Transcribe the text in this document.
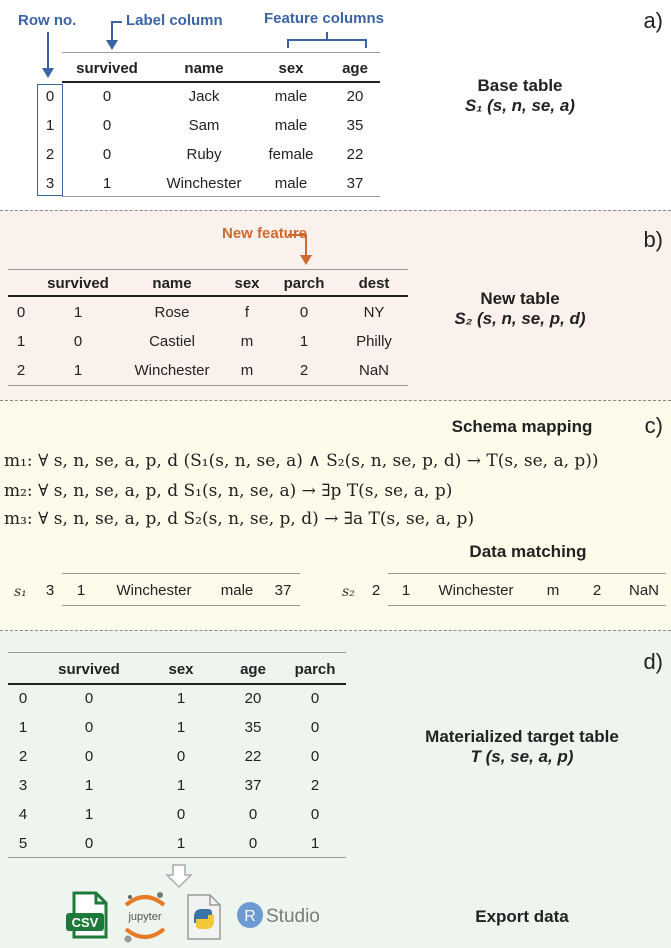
a)
Row no.	Label column	Feature columns
survived	name	sex	age
0	0	Jack	male	20
1	0	Sam	male	35
2	0	Ruby	female	22
3	1	Winchester	male	37
Base table
S₁ (s, n, se, a)
b)
New feature
survived	name	sex	parch	dest
0	1	Rose	f	0	NY
1	0	Castiel	m	1	Philly
2	1	Winchester	m	2	NaN
New table
S₂ (s, n, se, p, d)
c)
Schema mapping
m₁: ∀ s, n, se, a, p, d (S₁(s, n, se, a) ∧ S₂(s, n, se, p, d) → T(s, se, a, p))
m₂: ∀ s, n, se, a, p, d S₁(s, n, se, a) → ∃p T(s, se, a, p)
m₃: ∀ s, n, se, a, p, d S₂(s, n, se, p, d) → ∃a T(s, se, a, p)
Data matching
s₁	3	1	Winchester	male	37	s₂	2	1	Winchester	m	2	NaN
d)
survived	sex	age	parch
0	0	1	20	0
1	0	1	35	0
2	0	0	22	0
3	1	1	37	2
4	1	0	0	0
5	0	1	0	1
Materialized target table
T (s, se, a, p)
CSV	jupyter	R Studio	Export data
